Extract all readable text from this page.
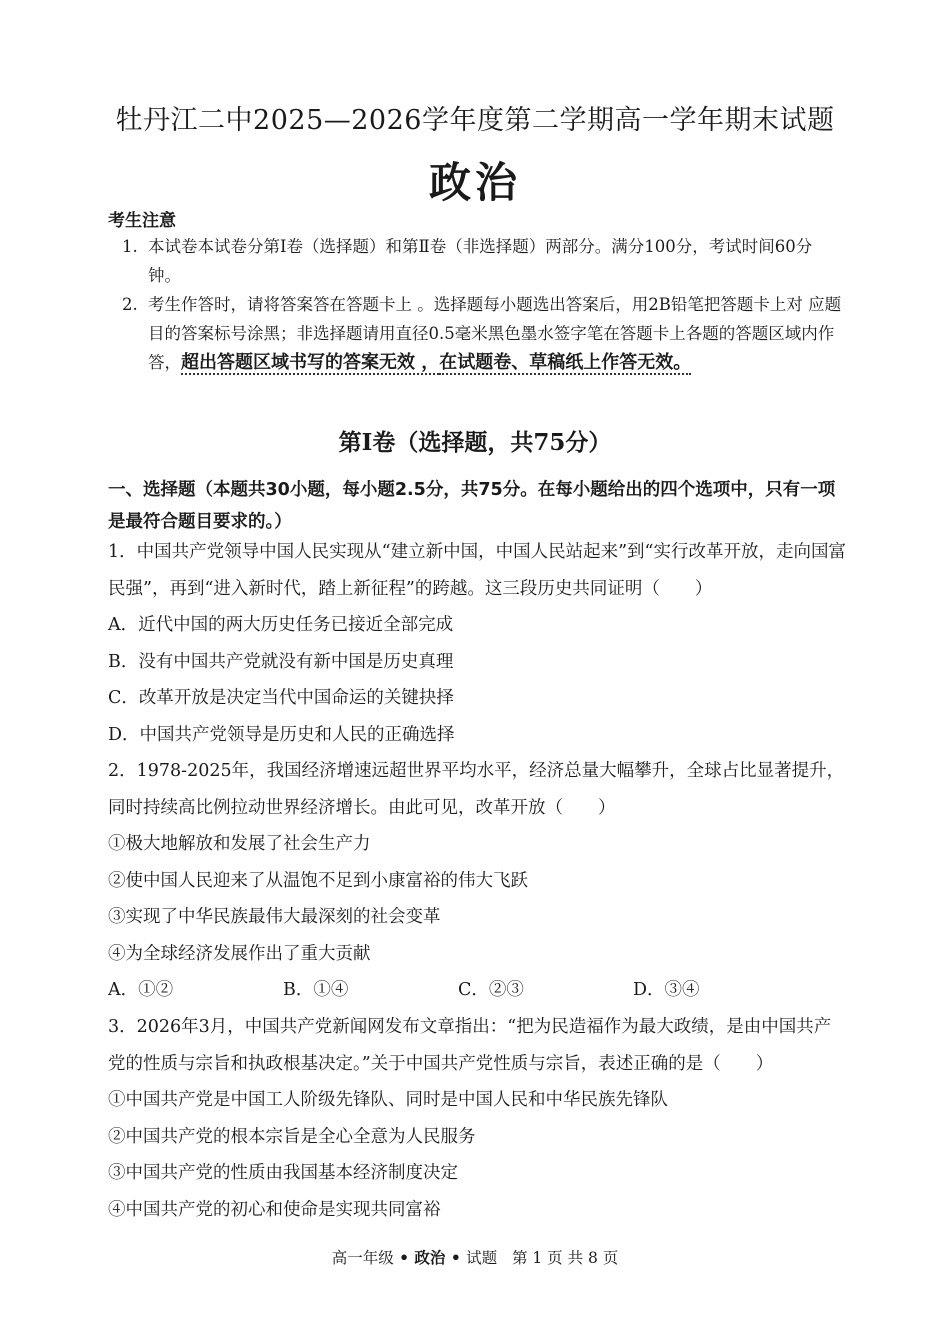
牡丹江二中2025—2026学年度第二学期高一学年期末试题
政治
考生注意
1. 本试卷本试卷分第Ⅰ卷（选择题）和第Ⅱ卷（非选择题）两部分。满分100分，考试时间60分钟。
2. 考生作答时，请将答案答在答题卡上 。选择题每小题选出答案后，用2B铅笔把答题卡上对 应题目的答案标号涂黑；非选择题请用直径0.5毫米黑色墨水签字笔在答题卡上各题的答题区域内作答，超出答题区域书写的答案无效 ，在试题卷、草稿纸上作答无效。
第Ⅰ卷（选择题，共75分）
一、选择题（本题共30小题，每小题2.5分，共75分。在每小题给出的四个选项中，只有一项是最符合题目要求的。）
1．中国共产党领导中国人民实现从“建立新中国，中国人民站起来”到“实行改革开放，走向国富民强”，再到“进入新时代，踏上新征程”的跨越。这三段历史共同证明（　　）
A．近代中国的两大历史任务已接近全部完成
B．没有中国共产党就没有新中国是历史真理
C．改革开放是决定当代中国命运的关键抉择
D．中国共产党领导是历史和人民的正确选择
2．1978-2025年，我国经济增速远超世界平均水平，经济总量大幅攀升，全球占比显著提升，同时持续高比例拉动世界经济增长。由此可见，改革开放（　　）
①极大地解放和发展了社会生产力
②使中国人民迎来了从温饱不足到小康富裕的伟大飞跃
③实现了中华民族最伟大最深刻的社会变革
④为全球经济发展作出了重大贡献
A．①②	B．①④	C．②③	D．③④
3．2026年3月，中国共产党新闻网发布文章指出：“把为民造福作为最大政绩，是由中国共产党的性质与宗旨和执政根基决定。”关于中国共产党性质与宗旨，表述正确的是（　　）
①中国共产党是中国工人阶级先锋队、同时是中国人民和中华民族先锋队
②中国共产党的根本宗旨是全心全意为人民服务
③中国共产党的性质由我国基本经济制度决定
④中国共产党的初心和使命是实现共同富裕
高一年级 • 政治 • 试题 第 1 页 共 8 页
